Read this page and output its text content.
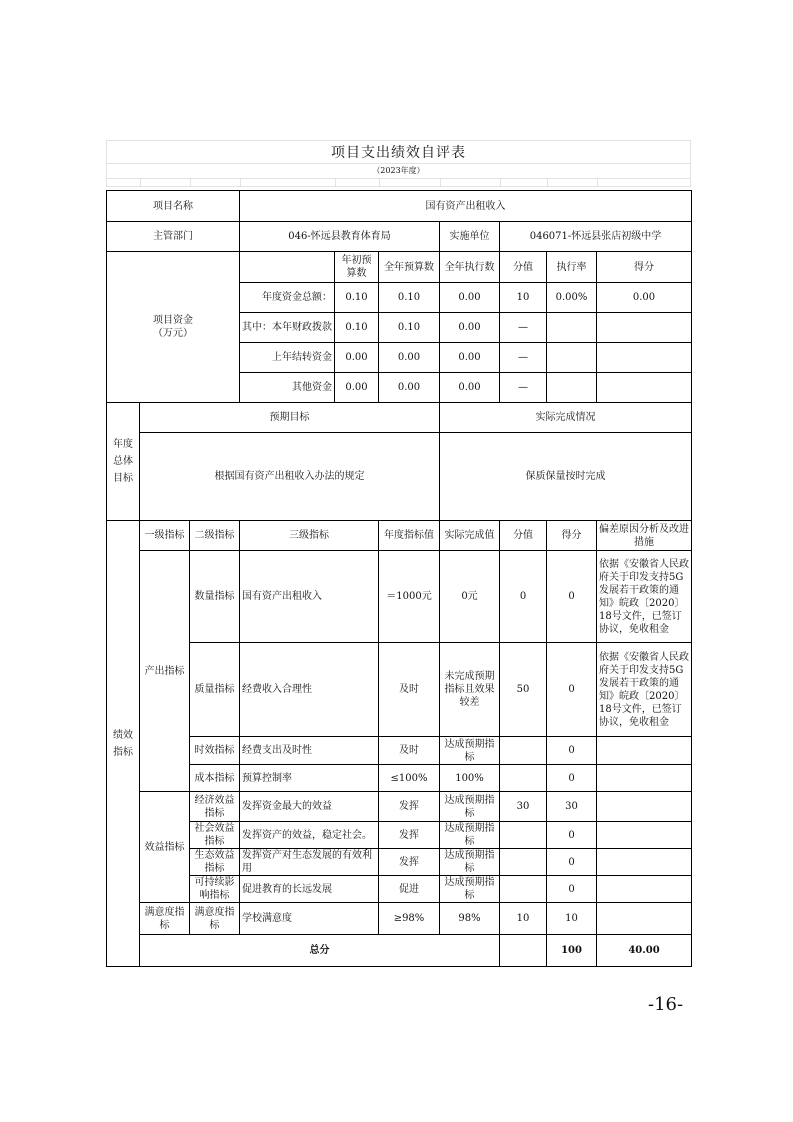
项目支出绩效自评表
（2023年度）
项目名称			国有资产出租收入							
主管部门			046-怀远县教育体育局			实施单位	046071-怀远县张店初级中学			
项目资金
（万元）				年初预算数	全年预算数	全年执行数	分值	执行率	得分	
			年度资金总额：	0.10	0.10	0.00	10	0.00%	0.00	
			其中：本年财政拨款	0.10	0.10	0.00	—			
			上年结转资金	0.00	0.00	0.00	—			
			其他资金	0.00	0.00	0.00	—			
年度总体目标	预期目标					实际完成情况				
	根据国有资产出租收入办法的规定					保质保量按时完成				
绩效指标	一级指标	二级指标	三级指标		年度指标值	实际完成值	分值	得分	偏差原因分析及改进措施	
	产出指标	数量指标	国有资产出租收入		＝1000元	0元	0	0	依据《安徽省人民政府关于印发支持5G发展若干政策的通知》皖政〔2020〕18号文件，已签订协议，免收租金	
		质量指标	经费收入合理性		及时	未完成预期指标且效果较差	50	0	依据《安徽省人民政府关于印发支持5G发展若干政策的通知》皖政〔2020〕18号文件，已签订协议，免收租金	
		时效指标	经费支出及时性		及时	达成预期指标		0		
		成本指标	预算控制率		≤100%	100%		0		
	效益指标	经济效益指标	发挥资金最大的效益		发挥	达成预期指标	30	30		
		社会效益指标	发挥资产的效益，稳定社会。		发挥	达成预期指标		0		
		生态效益指标	发挥资产对生态发展的有效利用		发挥	达成预期指标		0		
		可持续影响指标	促进教育的长远发展		促进	达成预期指标		0		
	满意度指标	满意度指标	学校满意度		≥98%	98%	10	10		
	总分							100	40.00	
-16-
